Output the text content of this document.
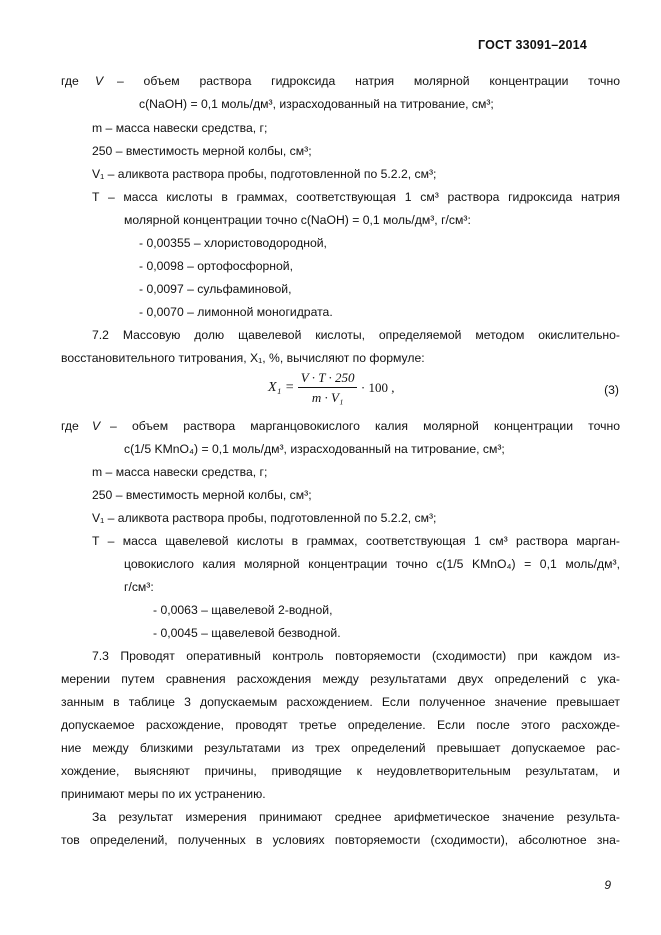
ГОСТ 33091–2014
где V – объем раствора гидроксида натрия молярной концентрации точно
c(NaOH) = 0,1 моль/дм³, израсходованный на титрование, см³;
m – масса навески средства, г;
250 – вместимость мерной колбы, см³;
V₁ – аликвота раствора пробы, подготовленной по 5.2.2, см³;
T – масса кислоты в граммах, соответствующая 1 см³ раствора гидроксида натрия
молярной концентрации точно c(NaOH) = 0,1 моль/дм³, г/см³:
- 0,00355 – хлористоводородной,
- 0,0098 – ортофосфорной,
- 0,0097 – сульфаминовой,
- 0,0070 – лимонной моногидрата.
7.2 Массовую долю щавелевой кислоты, определяемой методом окислительно-
восстановительного титрования, X₁, %, вычисляют по формуле:
$X_1 = \frac{V \cdot T \cdot 250}{\text{m · V₁}} \cdot 100$ ,	(3)
где V – объем раствора марганцовокислого калия молярной концентрации точно
c(1/5 KMnO₄) = 0,1 моль/дм³, израсходованный на титрование, см³;
m – масса навески средства, г;
250 – вместимость мерной колбы, см³;
V₁ – аликвота раствора пробы, подготовленной по 5.2.2, см³;
T – масса щавелевой кислоты в граммах, соответствующая 1 см³ раствора марган-
цовокислого калия молярной концентрации точно c(1/5 KMnO₄) = 0,1 моль/дм³,
г/см³:
- 0,0063 – щавелевой 2-водной,
- 0,0045 – щавелевой безводной.
7.3 Проводят оперативный контроль повторяемости (сходимости) при каждом из-
мерении путем сравнения расхождения между результатами двух определений с ука-
занным в таблице 3 допускаемым расхождением. Если полученное значение превышает
допускаемое расхождение, проводят третье определение. Если после этого расхожде-
ние между близкими результатами из трех определений превышает допускаемое рас-
хождение, выясняют причины, приводящие к неудовлетворительным результатам, и
принимают меры по их устранению.
За результат измерения принимают среднее арифметическое значение результа-
тов определений, полученных в условиях повторяемости (сходимости), абсолютное зна-
9
